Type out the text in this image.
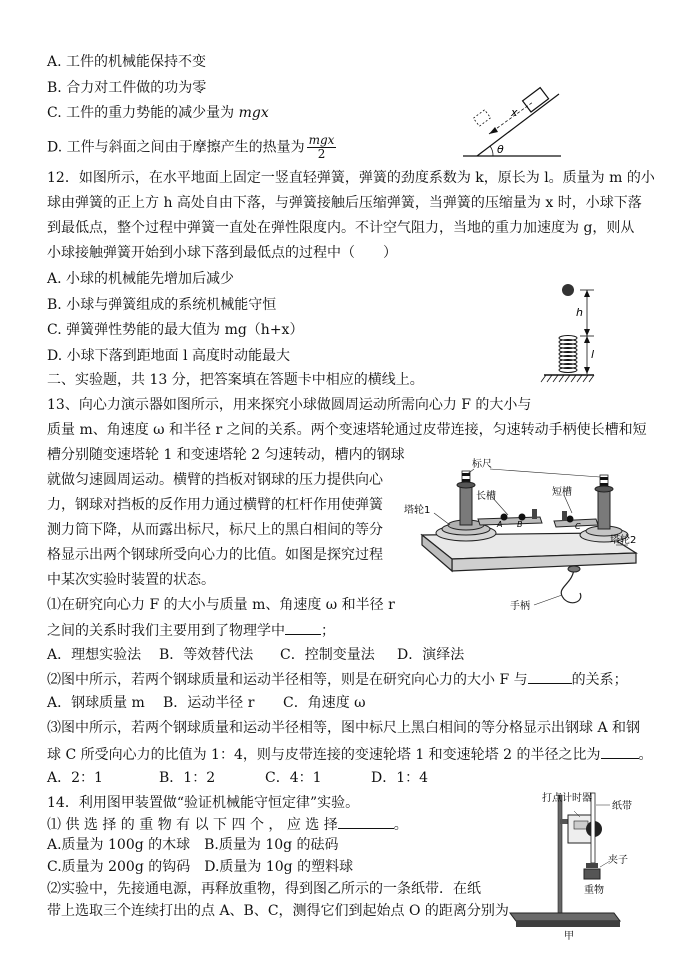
A. 工件的机械能保持不变
B. 合力对工件做的功为零
C. 工件的重力势能的减少量为 mgx
D. 工件与斜面之间由于摩擦产生的热量为 $\frac{\text{mgx}}{2}$
x
θ
12．如图所示，在水平地面上固定一竖直轻弹簧，弹簧的劲度系数为 k，原长为 l。质量为 m 的小
球由弹簧的正上方 h 高处自由下落，与弹簧接触后压缩弹簧，当弹簧的压缩量为 x 时，小球下落
到最低点，整个过程中弹簧一直处在弹性限度内。不计空气阻力，当地的重力加速度为 g，则从
小球接触弹簧开始到小球下落到最低点的过程中（　　）
A. 小球的机械能先增加后减少
B. 小球与弹簧组成的系统机械能守恒
C. 弹簧弹性势能的最大值为 mg（h+x）
D. 小球下落到距地面 l 高度时动能最大
h
l
二、实验题，共 13 分，把答案填在答题卡中相应的横线上。
13、向心力演示器如图所示，用来探究小球做圆周运动所需向心力 F 的大小与
质量 m、角速度 ω 和半径 r 之间的关系。两个变速塔轮通过皮带连接，匀速转动手柄使长槽和短
槽分别随变速塔轮 1 和变速塔轮 2 匀速转动，槽内的钢球
就做匀速圆周运动。横臂的挡板对钢球的压力提供向心
力，钢球对挡板的反作用力通过横臂的杠杆作用使弹簧
测力筒下降，从而露出标尺，标尺上的黑白相间的等分
格显示出两个钢球所受向心力的比值。如图是探究过程
中某次实验时装置的状态。
⑴在研究向心力 F 的大小与质量 m、角速度 ω 和半径 r
之间的关系时我们主要用到了物理学中	；
A．理想实验法 B．等效替代法 C．控制变量法 D．演绎法
⑵图中所示，若两个钢球质量和运动半径相等，则是在研究向心力的大小 F 与	的关系；
A．钢球质量 m B．运动半径 r C．角速度 ω
⑶图中所示，若两个钢球质量和运动半径相等，图中标尺上黑白相间的等分格显示出钢球 A 和钢
球 C 所受向心力的比值为 1：4，则与皮带连接的变速轮塔 1 和变速轮塔 2 的半径之比为	。
A．2：1	B．1：2	C．4：1	D．1：4
标尺
长槽	短槽
塔轮1
塔轮2
手柄
A B	C
14．利用图甲装置做“验证机械能守恒定律”实验。
⑴ 供 选 择 的 重 物 有 以 下 四 个 ， 应 选 择	。
A.质量为 100g 的木球　B.质量为 10g 的砝码
C.质量为 200g 的钩码　D.质量为 10g 的塑料球
⑵实验中，先接通电源，再释放重物，得到图乙所示的一条纸带．在纸
带上选取三个连续打出的点 A、B、C，测得它们到起始点 O 的距离分别为
打点计时器
纸带
夹子
重物
甲
